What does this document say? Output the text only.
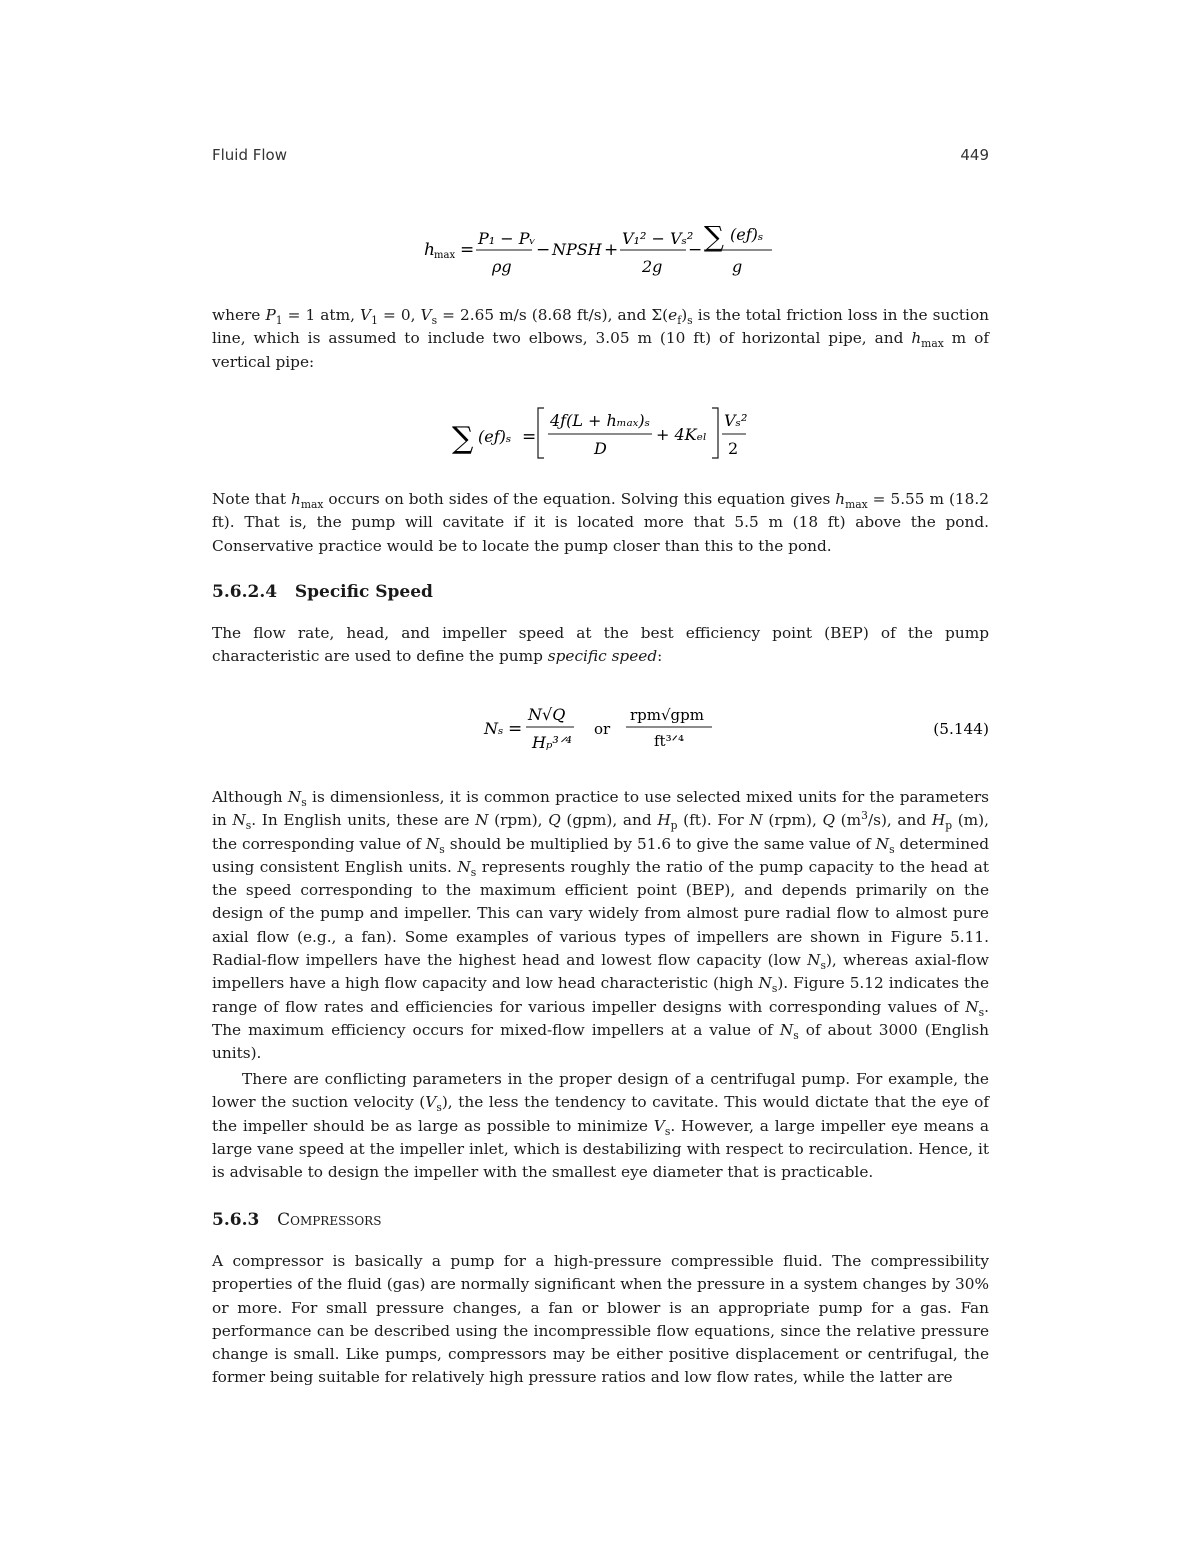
Fluid Flow	449
h max =
P₁ − Pᵥ
ρg
− NPSH +
V₁² − Vₛ²
2g
− ∑ (eƒ)ₛ
g

where $P_1 = 1$ atm, $V_1 = 0$, $V_s = 2.65$ m/s (8.68 ft/s), and $\Sigma(e_f)_s$ is the total friction loss in the suction line, which is assumed to include two elbows, 3.05 m (10 ft) of horizontal pipe, and $h_{max}$ m of vertical pipe:

∑ (eƒ)ₛ =
4ƒ(L + hₘₐₓ)ₛ
D
+ 4Kₑₗ
Vₛ²
2

Note that $h_{max}$ occurs on both sides of the equation. Solving this equation gives $h_{max} = 5.55$ m (18.2 ft). That is, the pump will cavitate if it is located more that 5.5 m (18 ft) above the pond. Conservative practice would be to locate the pump closer than this to the pond.

5.6.2.4 Specific Speed

The flow rate, head, and impeller speed at the best efficiency point (BEP) of the pump characteristic are used to define the pump specific speed:

Nₛ =
N√Q
Hₚ³ᐟ⁴
or
rpm√gpm
ft³ᐟ⁴
(5.144)

Although $N_s$ is dimensionless, it is common practice to use selected mixed units for the parameters in $N_s$. In English units, these are N (rpm), Q (gpm), and $H_p$ (ft). For N (rpm), Q $(m^3/s)$, and $H_p$ (m), the corresponding value of $N_s$ should be multiplied by 51.6 to give the same value of $N_s$ determined using consistent English units. $N_s$ represents roughly the ratio of the pump capacity to the head at the speed corresponding to the maximum efficient point (BEP), and depends primarily on the design of the pump and impeller. This can vary widely from almost pure radial flow to almost pure axial flow (e.g., a fan). Some examples of various types of impellers are shown in Figure 5.11. Radial-flow impellers have the highest head and lowest flow capacity (low $N_s$), whereas axial-flow impellers have a high flow capacity and low head characteristic (high $N_s$). Figure 5.12 indicates the range of flow rates and efficiencies for various impeller designs with corresponding values of $N_s$. The maximum efficiency occurs for mixed-flow impellers at a value of $N_s$ of about 3000 (English units).

There are conflicting parameters in the proper design of a centrifugal pump. For example, the lower the suction velocity $(V_s)$, the less the tendency to cavitate. This would dictate that the eye of the impeller should be as large as possible to minimize $V_s$. However, a large impeller eye means a large vane speed at the impeller inlet, which is destabilizing with respect to recirculation. Hence, it is advisable to design the impeller with the smallest eye diameter that is practicable.

5.6.3 Compressors

A compressor is basically a pump for a high-pressure compressible fluid. The compressibility properties of the fluid (gas) are normally significant when the pressure in a system changes by 30% or more. For small pressure changes, a fan or blower is an appropriate pump for a gas. Fan performance can be described using the incompressible flow equations, since the relative pressure change is small. Like pumps, compressors may be either positive displacement or centrifugal, the former being suitable for relatively high pressure ratios and low flow rates, while the latter are
